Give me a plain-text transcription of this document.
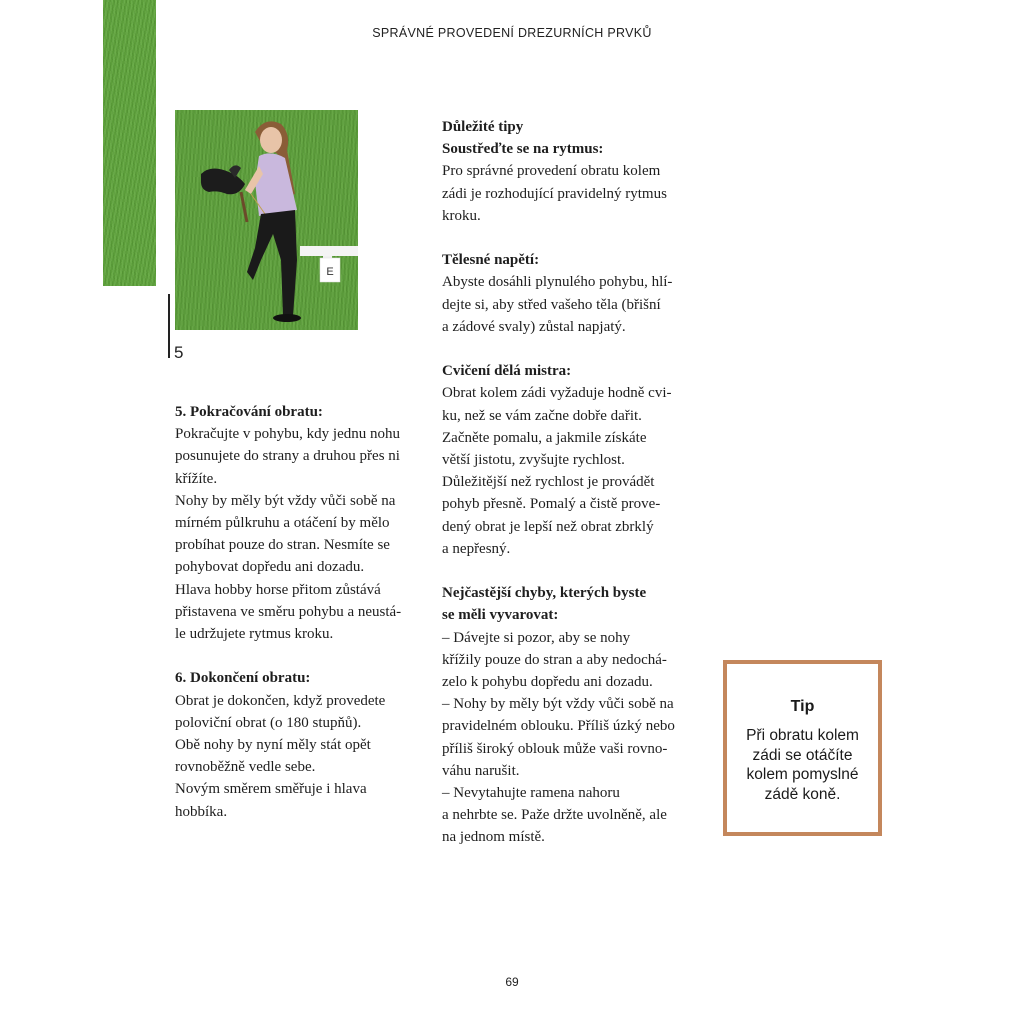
SPRÁVNÉ PROVEDENÍ DREZURNÍCH PRVKŮ
E
5

5. Pokračování obratu:

Pokračujte v pohybu, kdy jednu nohu

posunujete do strany a druhou přes ni

křížíte.

Nohy by měly být vždy vůči sobě na

mírném půlkruhu a otáčení by mělo

probíhat pouze do stran. Nesmíte se

pohybovat dopředu ani dozadu.

Hlava hobby horse přitom zůstává

přistavena ve směru pohybu a neustá-

le udržujete rytmus kroku.

6. Dokončení obratu:

Obrat je dokončen, když provedete

poloviční obrat (o 180 stupňů).

Obě nohy by nyní měly stát opět

rovnoběžně vedle sebe.

Novým směrem směřuje i hlava

hobbíka.

Důležité tipy

Soustřeďte se na rytmus:

Pro správné provedení obratu kolem

zádi je rozhodující pravidelný rytmus

kroku.

Tělesné napětí:

Abyste dosáhli plynulého pohybu, hlí-

dejte si, aby střed vašeho těla (břišní

a zádové svaly) zůstal napjatý.

Cvičení dělá mistra:

Obrat kolem zádi vyžaduje hodně cvi-

ku, než se vám začne dobře dařit.

Začněte pomalu, a jakmile získáte

větší jistotu, zvyšujte rychlost.

Důležitější než rychlost je provádět

pohyb přesně. Pomalý a čistě prove-

dený obrat je lepší než obrat zbrklý

a nepřesný.

Nejčastější chyby, kterých byste

se měli vyvarovat:

– Dávejte si pozor, aby se nohy

křížily pouze do stran a aby nedochá-

zelo k pohybu dopředu ani dozadu.

– Nohy by měly být vždy vůči sobě na

pravidelném oblouku. Příliš úzký nebo

příliš široký oblouk může vaši rovno-

váhu narušit.

– Nevytahujte ramena nahoru

a nehrbte se. Paže držte uvolněně, ale

na jednom místě.

Tip
Při obratu kolem
zádi se otáčíte
kolem pomyslné
zádě koně.
69
